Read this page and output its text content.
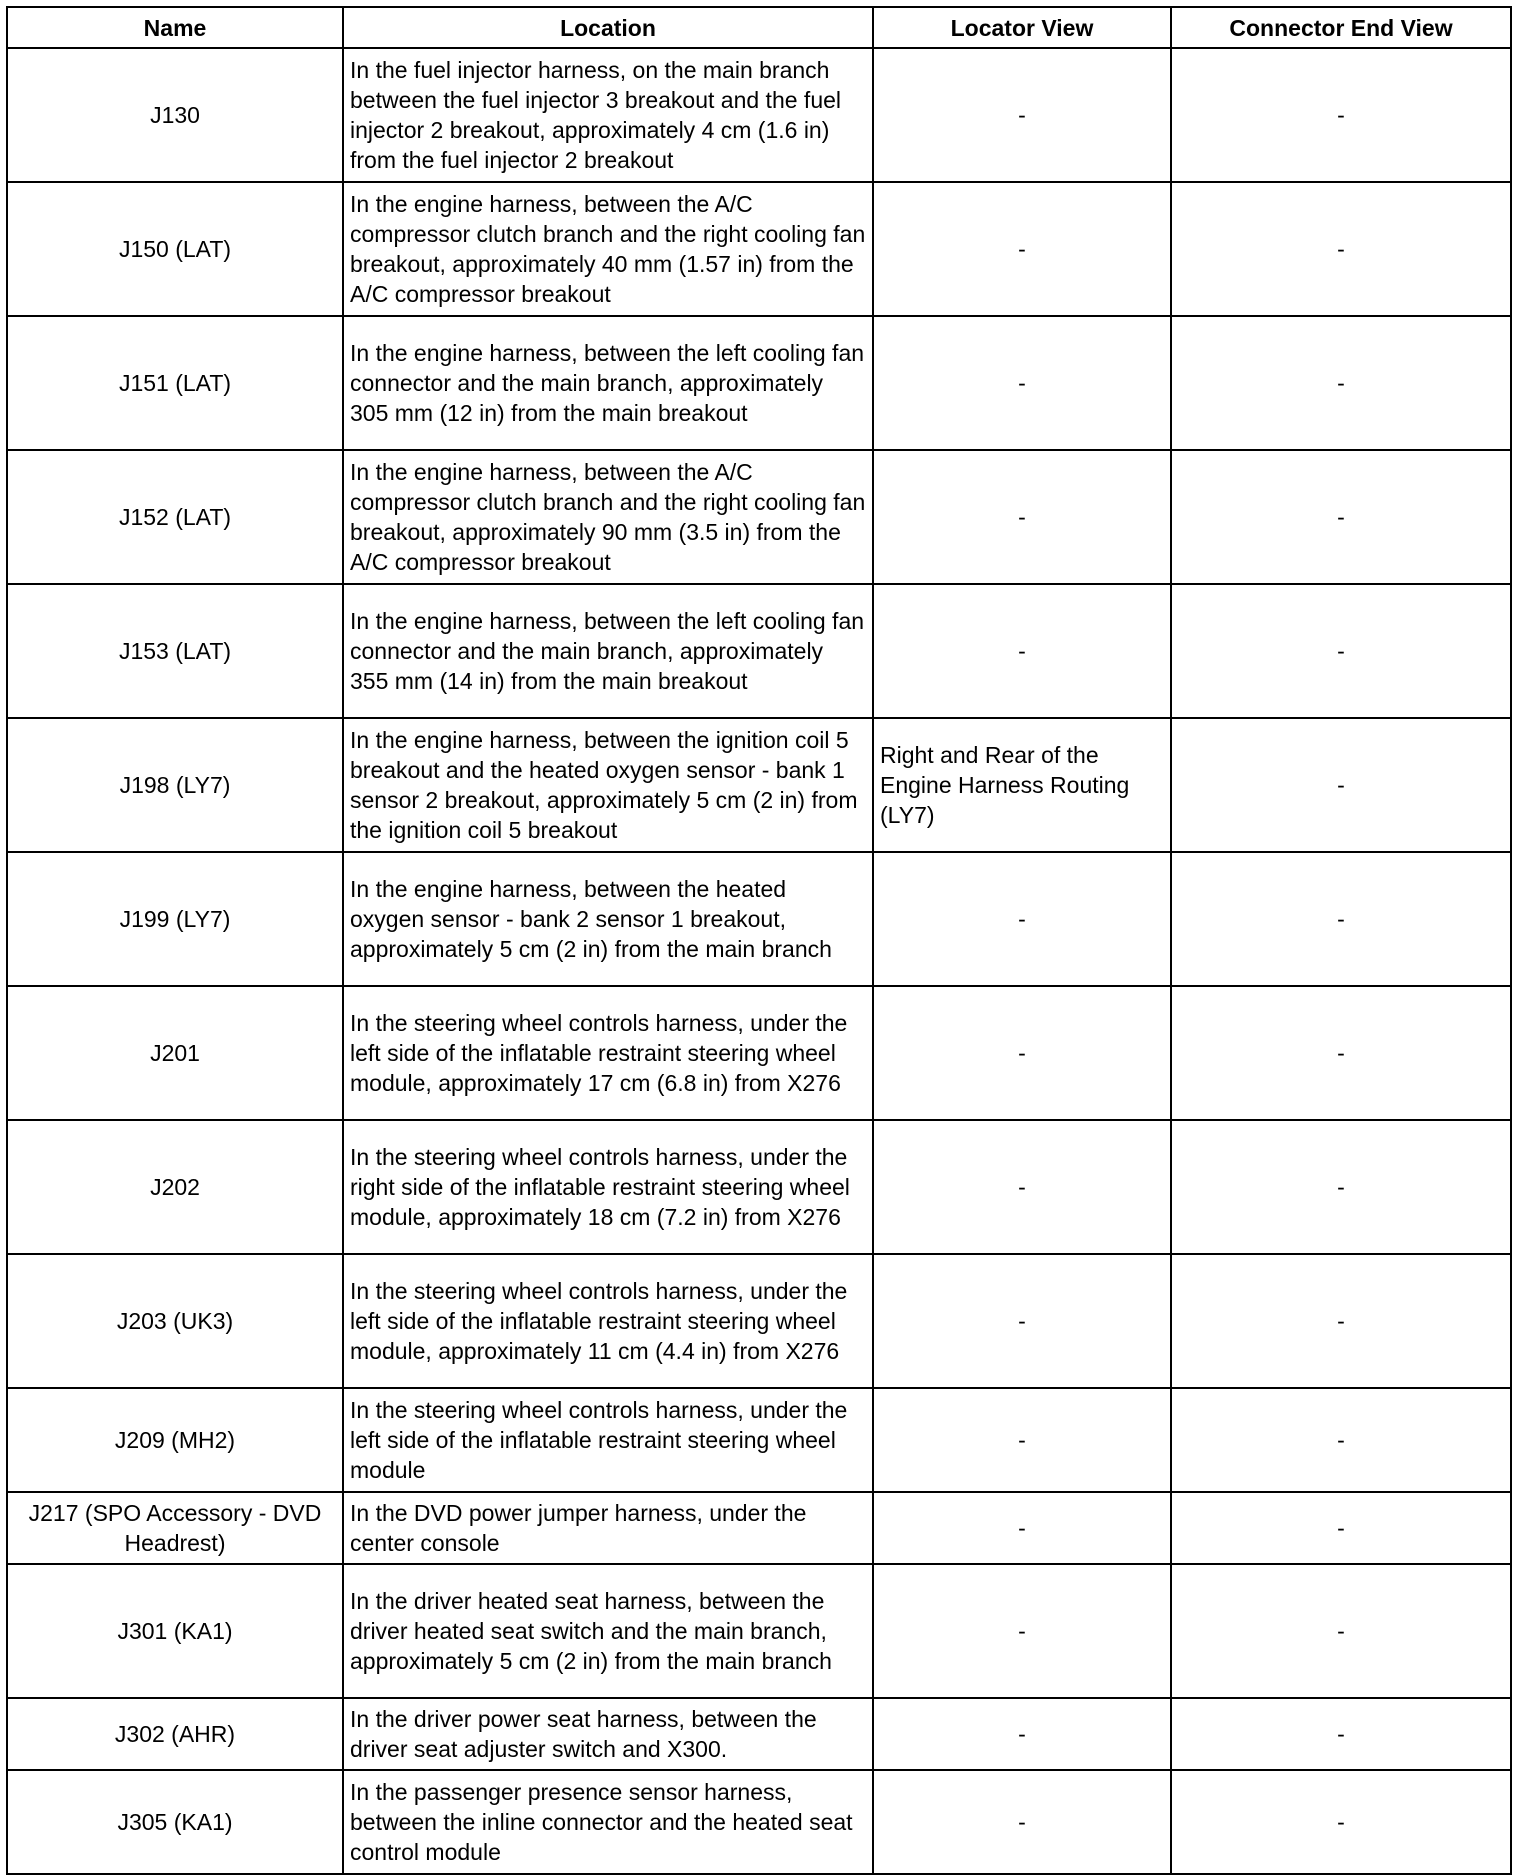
Name	Location	Locator View	Connector End View
J130	In the fuel injector harness, on the main branch between the fuel injector 3 breakout and the fuel injector 2 breakout, approximately 4 cm (1.6 in) from the fuel injector 2 breakout	-	-
J150 (LAT)	In the engine harness, between the A/C compressor clutch branch and the right cooling fan breakout, approximately 40 mm (1.57 in) from the A/C compressor breakout	-	-
J151 (LAT)	In the engine harness, between the left cooling fan connector and the main branch, approximately 305 mm (12 in) from the main breakout	-	-
J152 (LAT)	In the engine harness, between the A/C compressor clutch branch and the right cooling fan breakout, approximately 90 mm (3.5 in) from the A/C compressor breakout	-	-
J153 (LAT)	In the engine harness, between the left cooling fan connector and the main branch, approximately 355 mm (14 in) from the main breakout	-	-
J198 (LY7)	In the engine harness, between the ignition coil 5 breakout and the heated oxygen sensor - bank 1 sensor 2 breakout, approximately 5 cm (2 in) from the ignition coil 5 breakout	Right and Rear of the Engine Harness Routing (LY7)	-
J199 (LY7)	In the engine harness, between the heated oxygen sensor - bank 2 sensor 1 breakout, approximately 5 cm (2 in) from the main branch	-	-
J201	In the steering wheel controls harness, under the left side of the inflatable restraint steering wheel module, approximately 17 cm (6.8 in) from X276	-	-
J202	In the steering wheel controls harness, under the right side of the inflatable restraint steering wheel module, approximately 18 cm (7.2 in) from X276	-	-
J203 (UK3)	In the steering wheel controls harness, under the left side of the inflatable restraint steering wheel module, approximately 11 cm (4.4 in) from X276	-	-
J209 (MH2)	In the steering wheel controls harness, under the left side of the inflatable restraint steering wheel module	-	-
J217 (SPO Accessory - DVD Headrest)	In the DVD power jumper harness, under the center console	-	-
J301 (KA1)	In the driver heated seat harness, between the driver heated seat switch and the main branch, approximately 5 cm (2 in) from the main branch	-	-
J302 (AHR)	In the driver power seat harness, between the driver seat adjuster switch and X300.	-	-
J305 (KA1)	In the passenger presence sensor harness, between the inline connector and the heated seat control module	-	-
